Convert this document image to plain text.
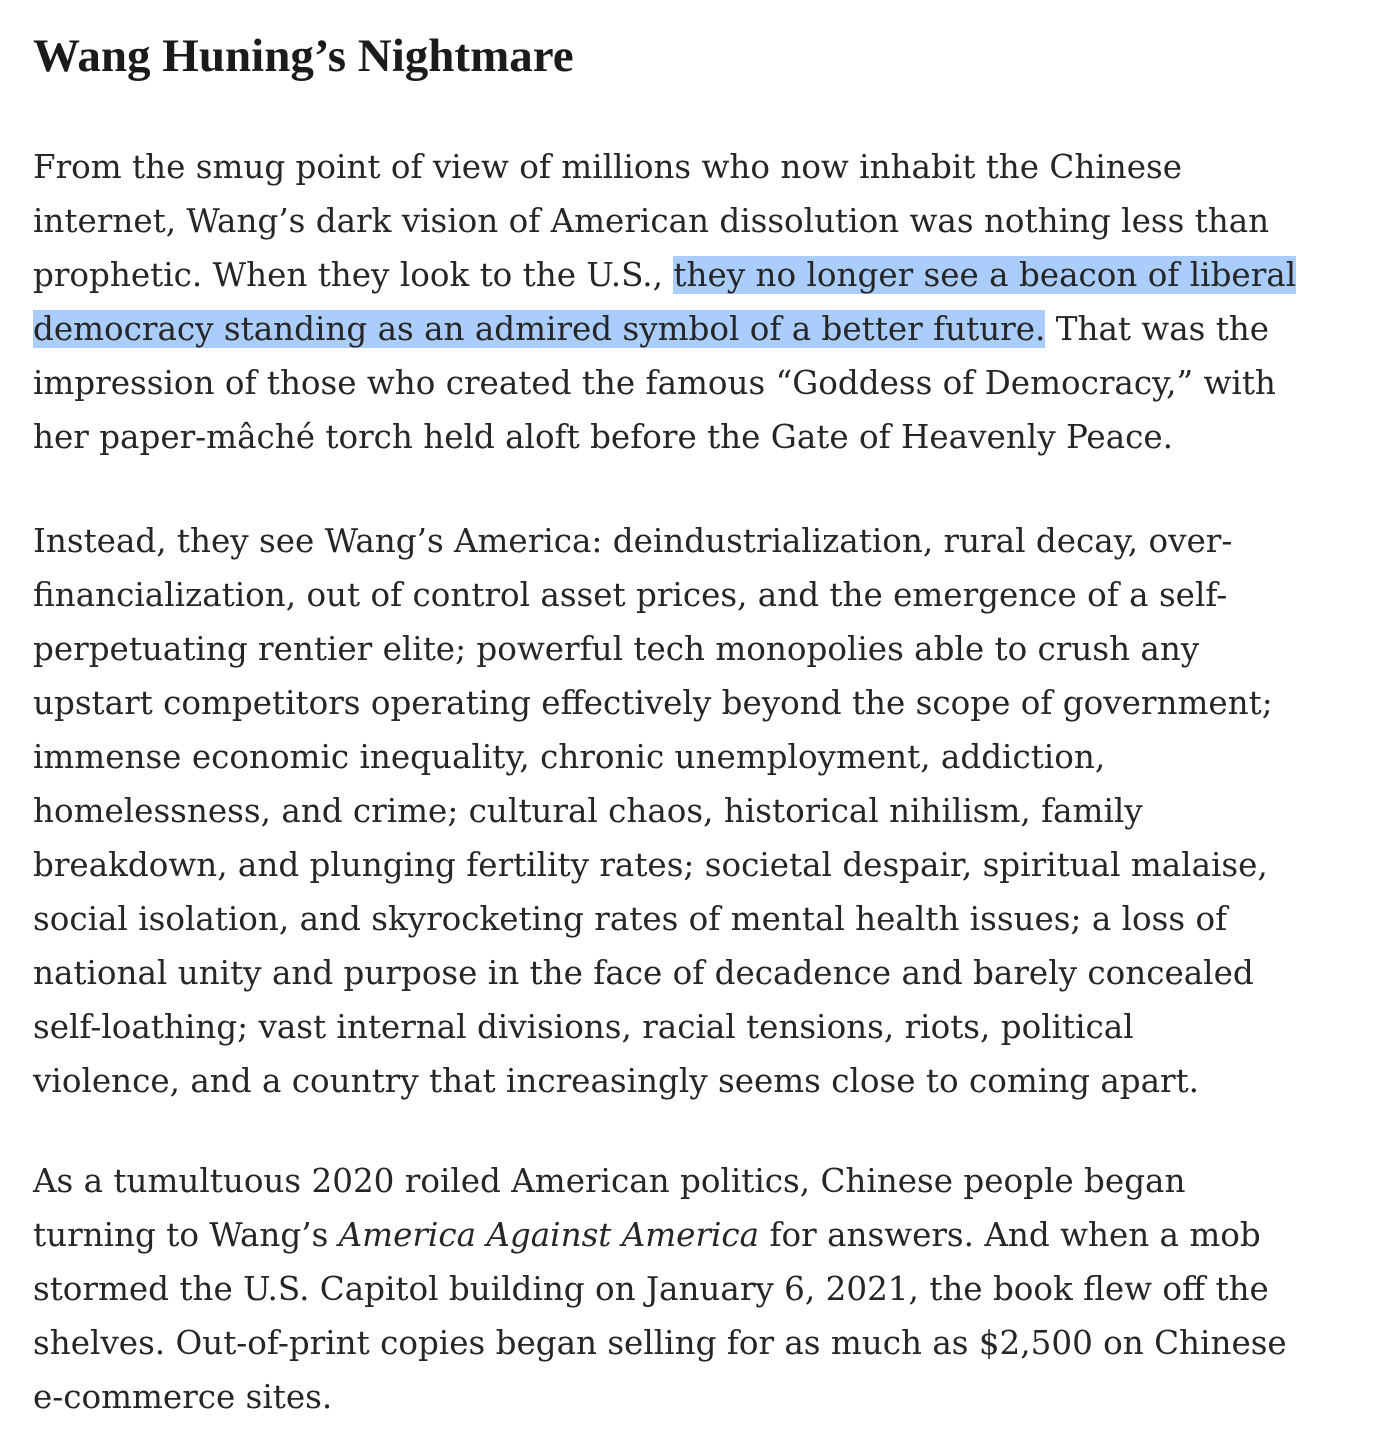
Wang Huning’s Nightmare

From the smug point of view of millions who now inhabit the Chinese
internet, Wang’s dark vision of American dissolution was nothing less than
prophetic. When they look to the U.S., they no longer see a beacon of liberal
democracy standing as an admired symbol of a better future. That was the
impression of those who created the famous “Goddess of Democracy,” with
her paper-mâché torch held aloft before the Gate of Heavenly Peace.

Instead, they see Wang’s America: deindustrialization, rural decay, over-
financialization, out of control asset prices, and the emergence of a self-
perpetuating rentier elite; powerful tech monopolies able to crush any
upstart competitors operating effectively beyond the scope of government;
immense economic inequality, chronic unemployment, addiction,
homelessness, and crime; cultural chaos, historical nihilism, family
breakdown, and plunging fertility rates; societal despair, spiritual malaise,
social isolation, and skyrocketing rates of mental health issues; a loss of
national unity and purpose in the face of decadence and barely concealed
self-loathing; vast internal divisions, racial tensions, riots, political
violence, and a country that increasingly seems close to coming apart.

As a tumultuous 2020 roiled American politics, Chinese people began
turning to Wang’s America Against America for answers. And when a mob
stormed the U.S. Capitol building on January 6, 2021, the book flew off the
shelves. Out-of-print copies began selling for as much as $2,500 on Chinese
e-commerce sites.
